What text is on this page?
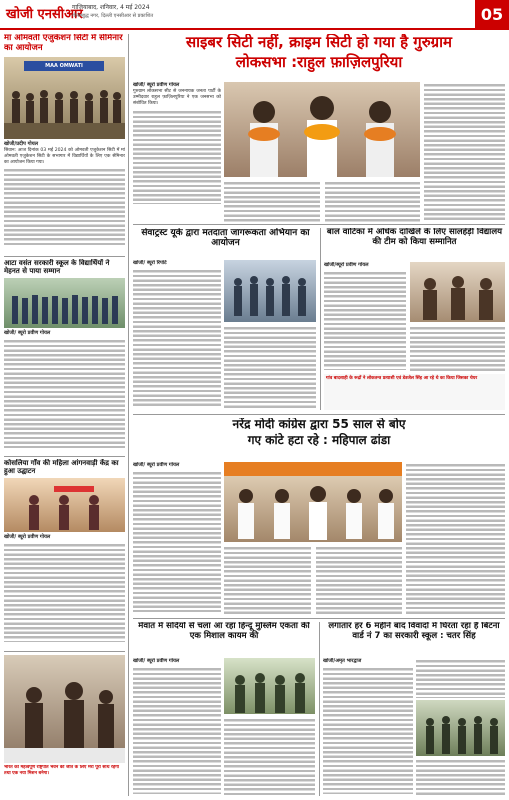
खोजी एनसीआर
गाज़ियाबाद, शनिवार, 4 मई 2024
गौतमबुद्ध नगर, दिल्ली एनसीआर से प्रकाशित	05
मां ओमवती एजुकेशन सिटी में सेमिनार का आयोजन
MAA OMWATI
खोजी/प्रदीप गोयल
सिवान: आज दिनांक 03 मई 2024 को ओमवती एजुकेशन सिटी में मां ओमवती एजुकेशन सिटी के सभागार में विद्यार्थियों के लिए एक सेमिनार का आयोजन किया गया।
आटा वसंत सरकारी स्कूल के विद्यार्थियों ने मेहनत से पाया सम्मान
खोजी/ ब्यूरो प्रवीण गोयल
कोसलिया गाँव की महिला आंगनवाड़ी केंद्र का हुआ उद्घाटन
खोजी/ ब्यूरो प्रवीण गोयल
भारत को महत्वपूर्ण राष्ट्रपति भवन की जीत के लिए मेरा पूरा साथ रहेगा तथा एक नया मिशन बनेगा।
साइबर सिटी नहीं, क्राइम सिटी हो गया है गुरुग्राम
लोकसभा :राहुल फ़ाज़िलपुरिया
खोजी/ ब्यूरो प्रवीण गोयल
गुरुग्राम लोकसभा सीट से जननायक जनता पार्टी के उम्मीदवार राहुल फ़ाज़िलपुरिया ने एक जनसभा को संबोधित किया।
सेवाट्रस्ट यूके द्वारा मतदाता जागरूकता अभियान का आयोजन
खोजी/ ब्यूरो रिपोर्ट
बाल वाटिका में अधिक दाखिले के लिए सालहेड़ी विद्यालय की टीम को किया सम्मानित
खोजी/ब्यूरो प्रवीण गोयल
गांव बादशाही के रूद्रों ने लोकतन्त्र प्रत्याशी एवं डेडजेल सिंह आ रहे थे का किया जिसका चेयर
नरेंद्र मोदी कांग्रेस द्वारा 55 साल से बोए
गए कांटे हटा रहे : महिपाल ढांडा
खोजी/ ब्यूरो प्रवीण गोयल
मेवात में सदियों से चला आ रहा हिन्दू मुस्लिम एकता की एक मिशाल कायम की
खोजी/ ब्यूरो प्रवीण गोयल
लगातार हर 6 महीने बाद विवादों में घिरता रहा है बिटना वार्ड नं 7 का सरकारी स्कूल : चतर सिंह
खोजी/अमृत भारद्वाज
